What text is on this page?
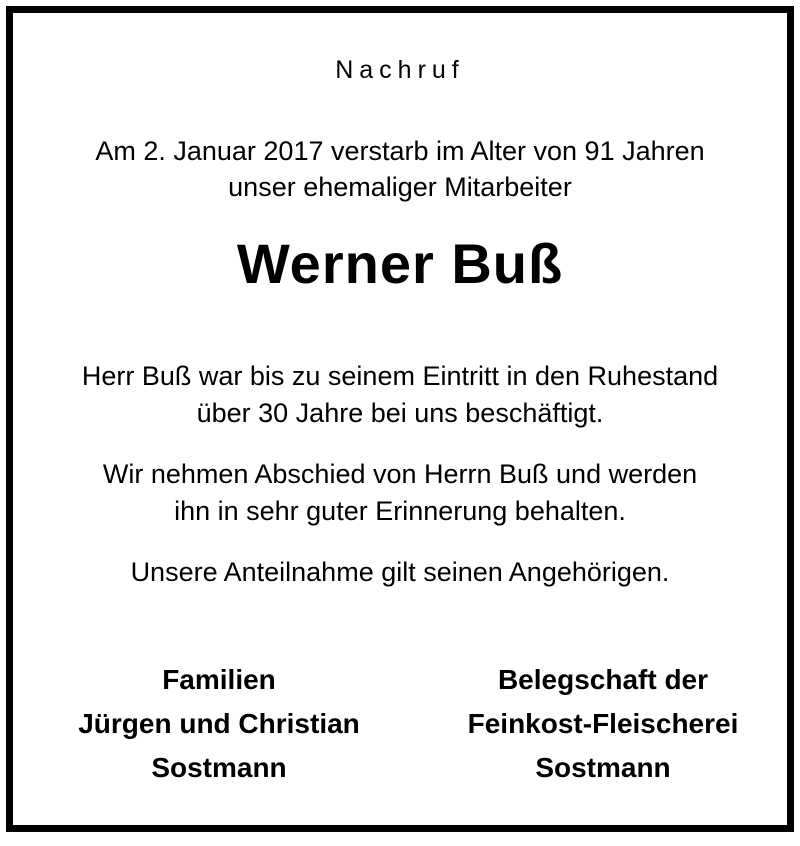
Nachruf
Am 2. Januar 2017 verstarb im Alter von 91 Jahren
unser ehemaliger Mitarbeiter
Werner Buß
Herr Buß war bis zu seinem Eintritt in den Ruhestand
über 30 Jahre bei uns beschäftigt.
Wir nehmen Abschied von Herrn Buß und werden
ihn in sehr guter Erinnerung behalten.
Unsere Anteilnahme gilt seinen Angehörigen.
Familien
Jürgen und Christian
Sostmann
Belegschaft der
Feinkost-Fleischerei
Sostmann
